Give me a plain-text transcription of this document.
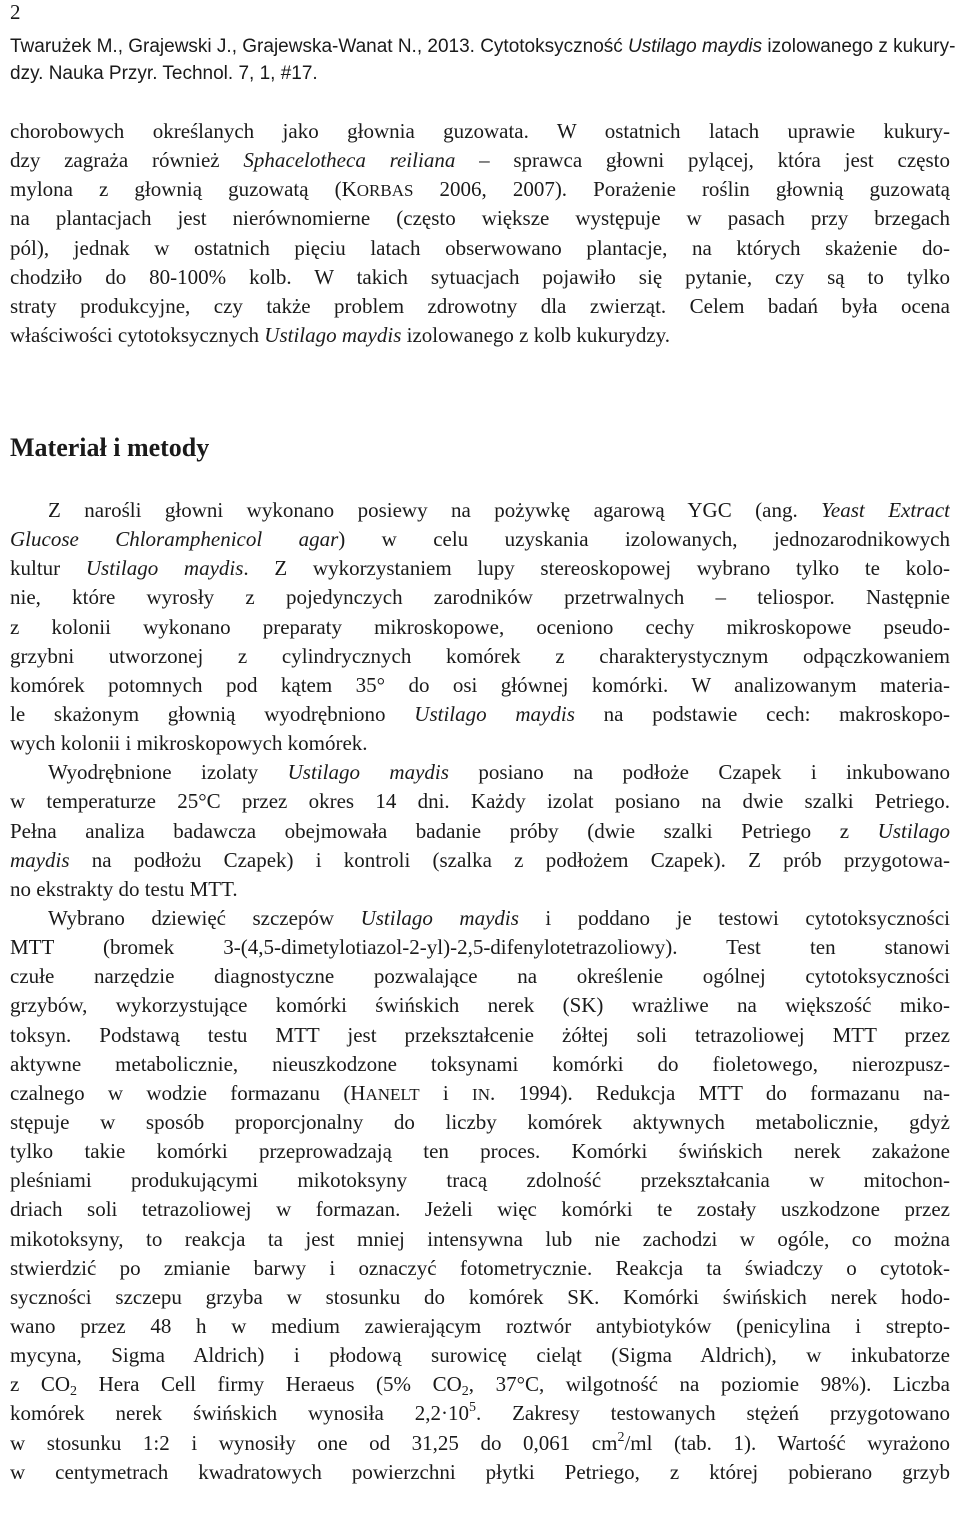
2
Twarużek M., Grajewski J., Grajewska-Wanat N., 2013. Cytotoksyczność Ustilago maydis izolowanego z kukury-
dzy. Nauka Przyr. Technol. 7, 1, #17.
chorobowych określanych jako głownia guzowata. W ostatnich latach uprawie kukury-
dzy zagraża również Sphacelotheca reiliana – sprawca głowni pylącej, która jest często
mylona z głownią guzowatą (KORBAS 2006, 2007). Porażenie roślin głownią guzowatą
na plantacjach jest nierównomierne (często większe występuje w pasach przy brzegach
pól), jednak w ostatnich pięciu latach obserwowano plantacje, na których skażenie do-
chodziło do 80-100% kolb. W takich sytuacjach pojawiło się pytanie, czy są to tylko
straty produkcyjne, czy także problem zdrowotny dla zwierząt. Celem badań była ocena
właściwości cytotoksycznych Ustilago maydis izolowanego z kolb kukurydzy.
Materiał i metody
Z narośli głowni wykonano posiewy na pożywkę agarową YGC (ang. Yeast Extract
Glucose Chloramphenicol agar) w celu uzyskania izolowanych, jednozarodnikowych
kultur Ustilago maydis. Z wykorzystaniem lupy stereoskopowej wybrano tylko te kolo-
nie, które wyrosły z pojedynczych zarodników przetrwalnych – teliospor. Następnie
z kolonii wykonano preparaty mikroskopowe, oceniono cechy mikroskopowe pseudo-
grzybni utworzonej z cylindrycznych komórek z charakterystycznym odpączkowaniem
komórek potomnych pod kątem 35° do osi głównej komórki. W analizowanym materia-
le skażonym głownią wyodrębniono Ustilago maydis na podstawie cech: makroskopo-
wych kolonii i mikroskopowych komórek.
Wyodrębnione izolaty Ustilago maydis posiano na podłoże Czapek i inkubowano
w temperaturze 25°C przez okres 14 dni. Każdy izolat posiano na dwie szalki Petriego.
Pełna analiza badawcza obejmowała badanie próby (dwie szalki Petriego z Ustilago
maydis na podłożu Czapek) i kontroli (szalka z podłożem Czapek). Z prób przygotowa-
no ekstrakty do testu MTT.
Wybrano dziewięć szczepów Ustilago maydis i poddano je testowi cytotoksyczności
MTT (bromek 3-(4,5-dimetylotiazol-2-yl)-2,5-difenylotetrazoliowy). Test ten stanowi
czułe narzędzie diagnostyczne pozwalające na określenie ogólnej cytotoksyczności
grzybów, wykorzystujące komórki świńskich nerek (SK) wrażliwe na większość miko-
toksyn. Podstawą testu MTT jest przekształcenie żółtej soli tetrazoliowej MTT przez
aktywne metabolicznie, nieuszkodzone toksynami komórki do fioletowego, nierozpusz-
czalnego w wodzie formazanu (HANELT i IN. 1994). Redukcja MTT do formazanu na-
stępuje w sposób proporcjonalny do liczby komórek aktywnych metabolicznie, gdyż
tylko takie komórki przeprowadzają ten proces. Komórki świńskich nerek zakażone
pleśniami produkującymi mikotoksyny tracą zdolność przekształcania w mitochon-
driach soli tetrazoliowej w formazan. Jeżeli więc komórki te zostały uszkodzone przez
mikotoksyny, to reakcja ta jest mniej intensywna lub nie zachodzi w ogóle, co można
stwierdzić po zmianie barwy i oznaczyć fotometrycznie. Reakcja ta świadczy o cytotok-
syczności szczepu grzyba w stosunku do komórek SK. Komórki świńskich nerek hodo-
wano przez 48 h w medium zawierającym roztwór antybiotyków (penicylina i strepto-
mycyna, Sigma Aldrich) i płodową surowicę cieląt (Sigma Aldrich), w inkubatorze
z $CO_2$ Hera Cell firmy Heraeus (5% $CO_2$, 37°C, wilgotność na poziomie 98%). Liczba
komórek nerek świńskich wynosiła $2,2\cdot 10^5$. Zakresy testowanych stężeń przygotowano
w stosunku 1:2 i wynosiły one od 31,25 do 0,061 $cm^2/ml$ (tab. 1). Wartość wyrażono
w centymetrach kwadratowych powierzchni płytki Petriego, z której pobierano grzyb
